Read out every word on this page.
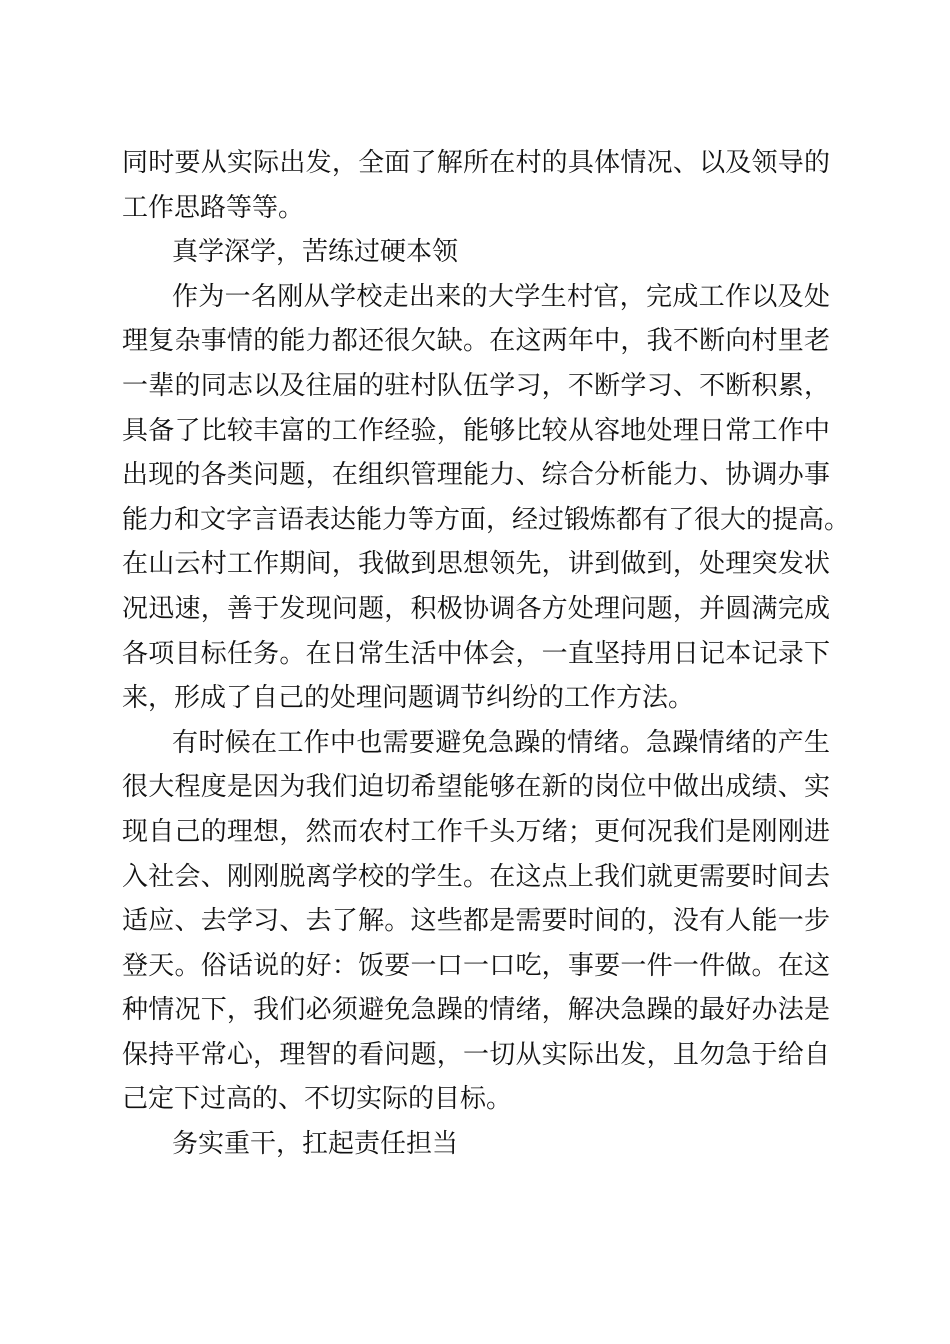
同时要从实际出发，全面了解所在村的具体情况、以及领导的
工作思路等等。
真学深学，苦练过硬本领
作为一名刚从学校走出来的大学生村官，完成工作以及处
理复杂事情的能力都还很欠缺。在这两年中，我不断向村里老
一辈的同志以及往届的驻村队伍学习，不断学习、不断积累，
具备了比较丰富的工作经验，能够比较从容地处理日常工作中
出现的各类问题，在组织管理能力、综合分析能力、协调办事
能力和文字言语表达能力等方面，经过锻炼都有了很大的提高。
在山云村工作期间，我做到思想领先，讲到做到，处理突发状
况迅速，善于发现问题，积极协调各方处理问题，并圆满完成
各项目标任务。在日常生活中体会，一直坚持用日记本记录下
来，形成了自己的处理问题调节纠纷的工作方法。
有时候在工作中也需要避免急躁的情绪。急躁情绪的产生
很大程度是因为我们迫切希望能够在新的岗位中做出成绩、实
现自己的理想，然而农村工作千头万绪；更何况我们是刚刚进
入社会、刚刚脱离学校的学生。在这点上我们就更需要时间去
适应、去学习、去了解。这些都是需要时间的，没有人能一步
登天。俗话说的好：饭要一口一口吃，事要一件一件做。在这
种情况下，我们必须避免急躁的情绪，解决急躁的最好办法是
保持平常心，理智的看问题，一切从实际出发，且勿急于给自
己定下过高的、不切实际的目标。
务实重干，扛起责任担当
